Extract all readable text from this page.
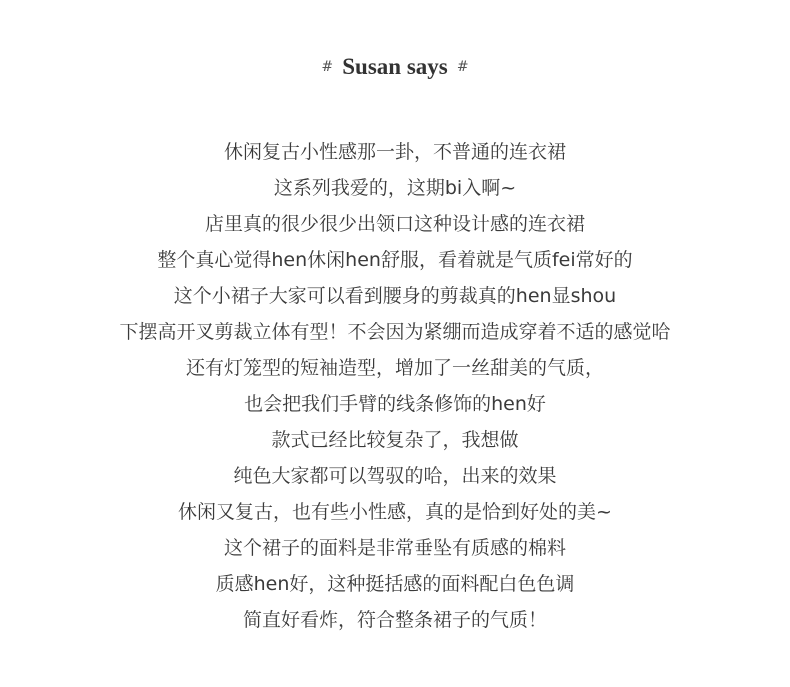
# Susan says #
休闲复古小性感那一卦，不普通的连衣裙
这系列我爱的，这期bi入啊~
店里真的很少很少出领口这种设计感的连衣裙
整个真心觉得hen休闲hen舒服，看着就是气质fei常好的
这个小裙子大家可以看到腰身的剪裁真的hen显shou
下摆高开叉剪裁立体有型！不会因为紧绷而造成穿着不适的感觉哈
还有灯笼型的短袖造型，增加了一丝甜美的气质，
也会把我们手臂的线条修饰的hen好
款式已经比较复杂了，我想做
纯色大家都可以驾驭的哈，出来的效果
休闲又复古，也有些小性感，真的是恰到好处的美~
这个裙子的面料是非常垂坠有质感的棉料
质感hen好，这种挺括感的面料配白色色调
简直好看炸，符合整条裙子的气质！
